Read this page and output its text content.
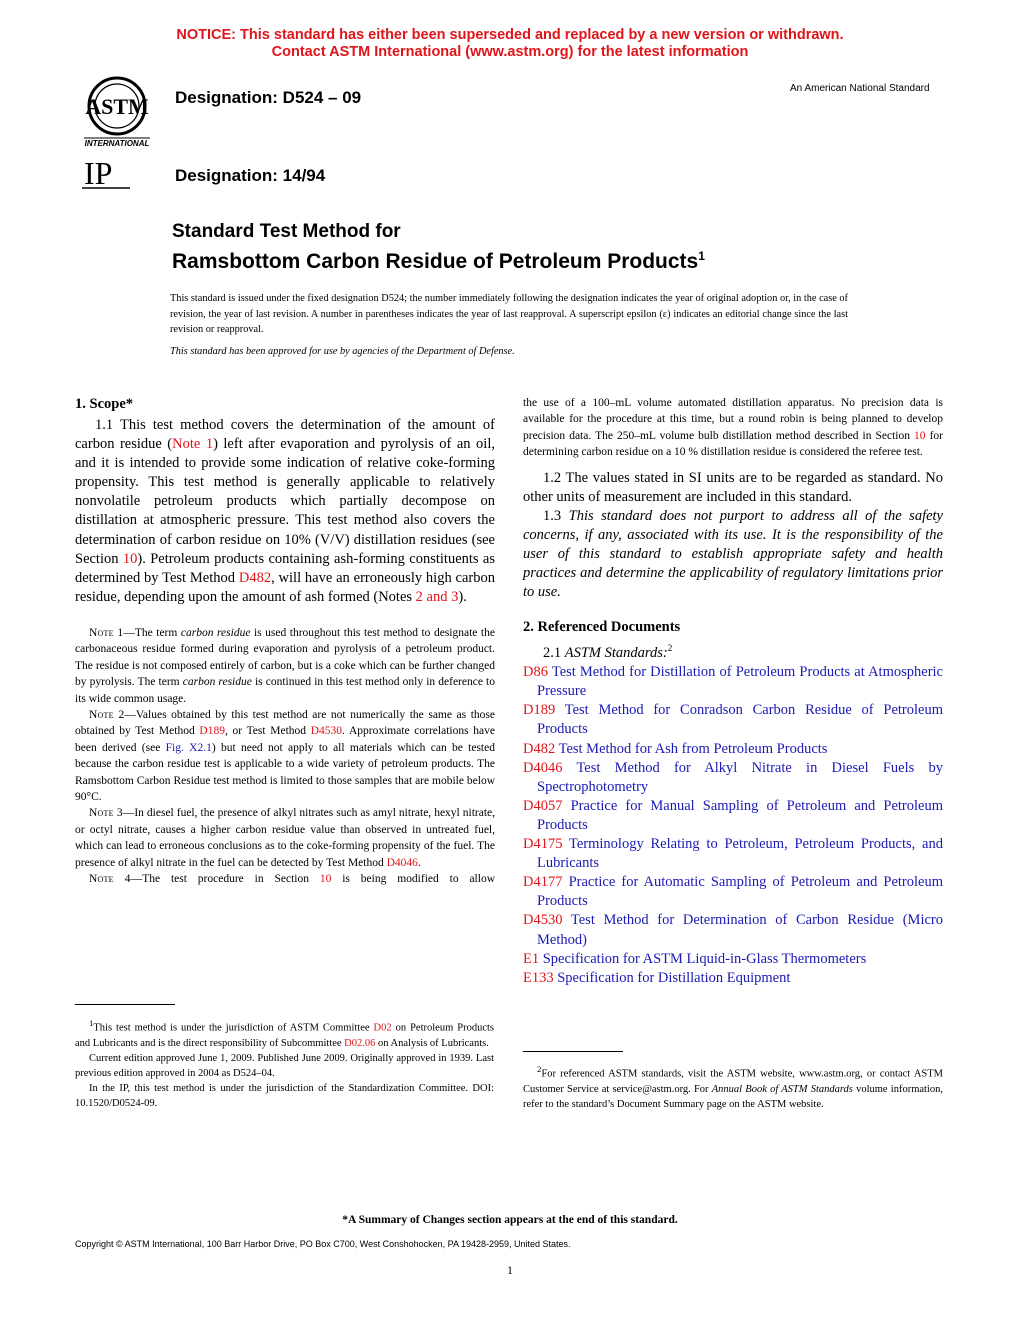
NOTICE: This standard has either been superseded and replaced by a new version or withdrawn.
Contact ASTM International (www.astm.org) for the latest information
ASTM
INTERNATIONAL
Designation: D524 – 09	An American National Standard
IP	Designation: 14/94
Standard Test Method for
Ramsbottom Carbon Residue of Petroleum Products$^1$
This standard is issued under the fixed designation D524; the number immediately following the designation indicates the year of original adoption or, in the case of revision, the year of last revision. A number in parentheses indicates the year of last reapproval. A superscript epsilon (ε) indicates an editorial change since the last revision or reapproval.
This standard has been approved for use by agencies of the Department of Defense.
1. Scope*

1.1 This test method covers the determination of the amount of carbon residue (Note 1) left after evaporation and pyrolysis of an oil, and it is intended to provide some indication of relative coke-forming propensity. This test method is generally applicable to relatively nonvolatile petroleum products which partially decompose on distillation at atmospheric pressure. This test method also covers the determination of carbon residue on 10% (V/V) distillation residues (see Section 10). Petroleum products containing ash-forming constituents as determined by Test Method D482, will have an erroneously high carbon residue, depending upon the amount of ash formed (Notes 2 and 3).

Note 1—The term carbon residue is used throughout this test method to designate the carbonaceous residue formed during evaporation and pyrolysis of a petroleum product. The residue is not composed entirely of carbon, but is a coke which can be further changed by pyrolysis. The term carbon residue is continued in this test method only in deference to its wide common usage.

Note 2—Values obtained by this test method are not numerically the same as those obtained by Test Method D189, or Test Method D4530. Approximate correlations have been derived (see Fig. X2.1) but need not apply to all materials which can be tested because the carbon residue test is applicable to a wide variety of petroleum products. The Ramsbottom Carbon Residue test method is limited to those samples that are mobile below 90°C.

Note 3—In diesel fuel, the presence of alkyl nitrates such as amyl nitrate, hexyl nitrate, or octyl nitrate, causes a higher carbon residue value than observed in untreated fuel, which can lead to erroneous conclusions as to the coke-forming propensity of the fuel. The presence of alkyl nitrate in the fuel can be detected by Test Method D4046.

Note 4—The test procedure in Section 10 is being modified to allow

$^1$This test method is under the jurisdiction of ASTM Committee D02 on Petroleum Products and Lubricants and is the direct responsibility of Subcommittee D02.06 on Analysis of Lubricants.

Current edition approved June 1, 2009. Published June 2009. Originally approved in 1939. Last previous edition approved in 2004 as D524–04.

In the IP, this test method is under the jurisdiction of the Standardization Committee. DOI: 10.1520/D0524-09.

the use of a 100–mL volume automated distillation apparatus. No precision data is available for the procedure at this time, but a round robin is being planned to develop precision data. The 250–mL volume bulb distillation method described in Section 10 for determining carbon residue on a 10 % distillation residue is considered the referee test.

1.2 The values stated in SI units are to be regarded as standard. No other units of measurement are included in this standard.

1.3 This standard does not purport to address all of the safety concerns, if any, associated with its use. It is the responsibility of the user of this standard to establish appropriate safety and health practices and determine the applicability of regulatory limitations prior to use.

2. Referenced Documents

2.1 ASTM Standards:$^2$

D86 Test Method for Distillation of Petroleum Products at Atmospheric Pressure

D189 Test Method for Conradson Carbon Residue of Petroleum Products

D482 Test Method for Ash from Petroleum Products

D4046 Test Method for Alkyl Nitrate in Diesel Fuels by Spectrophotometry

D4057 Practice for Manual Sampling of Petroleum and Petroleum Products

D4175 Terminology Relating to Petroleum, Petroleum Products, and Lubricants

D4177 Practice for Automatic Sampling of Petroleum and Petroleum Products

D4530 Test Method for Determination of Carbon Residue (Micro Method)

E1 Specification for ASTM Liquid-in-Glass Thermometers

E133 Specification for Distillation Equipment

$^2$For referenced ASTM standards, visit the ASTM website, www.astm.org, or contact ASTM Customer Service at service@astm.org. For Annual Book of ASTM Standards volume information, refer to the standard’s Document Summary page on the ASTM website.

*A Summary of Changes section appears at the end of this standard.
Copyright © ASTM International, 100 Barr Harbor Drive, PO Box C700, West Conshohocken, PA 19428-2959, United States.
1
